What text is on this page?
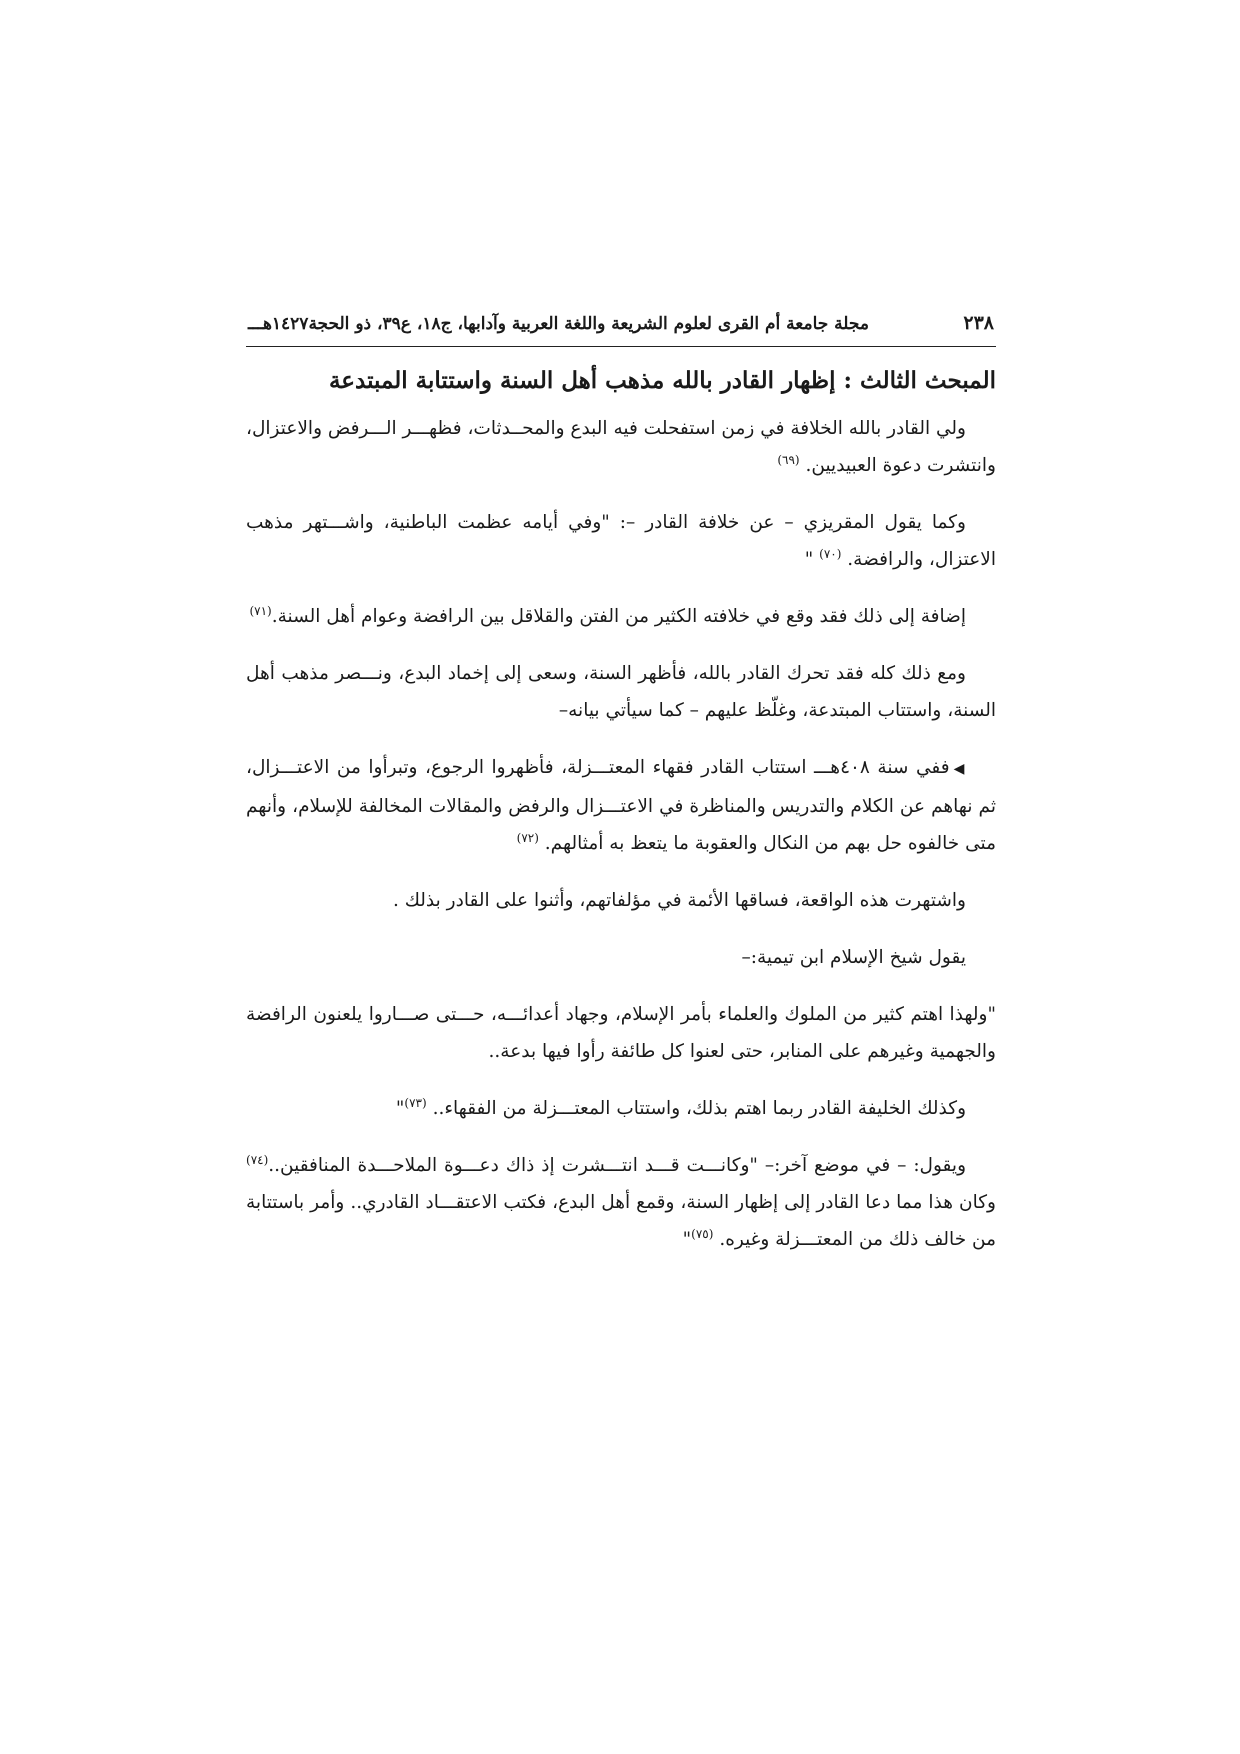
٢٣٨
مجلة جامعة أم القرى لعلوم الشريعة واللغة العربية وآدابها، ج١٨، ع٣٩، ذو الحجة١٤٢٧هـــ
المبحث الثالث : إظهار القادر بالله مذهب أهل السنة واستتابة المبتدعة

ولي القادر بالله الخلافة في زمن استفحلت فيه البدع والمحــدثات، فظهـــر الـــرفض والاعتزال، وانتشرت دعوة العبيديين. $^{(٦٩)}$

وكما يقول المقريزي – عن خلافة القادر –: "وفي أيامه عظمت الباطنية، واشـــتهر مذهب الاعتزال، والرافضة. $^{(٧٠)}$ "

إضافة إلى ذلك فقد وقع في خلافته الكثير من الفتن والقلاقل بين الرافضة وعوام أهل السنة.$^{(٧١)}$

ومع ذلك كله فقد تحرك القادر بالله، فأظهر السنة، وسعى إلى إخماد البدع، ونـــصر مذهب أهل السنة، واستتاب المبتدعة، وغلّظ عليهم – كما سيأتي بيانه–

◀ففي سنة ٤٠٨هـــ استتاب القادر فقهاء المعتـــزلة، فأظهروا الرجوع، وتبرأوا من الاعتـــزال، ثم نهاهم عن الكلام والتدريس والمناظرة في الاعتـــزال والرفض والمقالات المخالفة للإسلام، وأنهم متى خالفوه حل بهم من النكال والعقوبة ما يتعظ به أمثالهم. $^{(٧٢)}$

واشتهرت هذه الواقعة، فساقها الأئمة في مؤلفاتهم، وأثنوا على القادر بذلك .

يقول شيخ الإسلام ابن تيمية:–

"ولهذا اهتم كثير من الملوك والعلماء بأمر الإسلام، وجهاد أعدائـــه، حـــتى صـــاروا يلعنون الرافضة والجهمية وغيرهم على المنابر، حتى لعنوا كل طائفة رأوا فيها بدعة..

وكذلك الخليفة القادر ربما اهتم بذلك، واستتاب المعتـــزلة من الفقهاء.. $^{(٧٣)}$"

ويقول: – في موضع آخر:– "وكانـــت قـــد انتـــشرت إذ ذاك دعـــوة الملاحـــدة المنافقين..$^{(٧٤)}$ وكان هذا مما دعا القادر إلى إظهار السنة، وقمع أهل البدع، فكتب الاعتقـــاد القادري.. وأمر باستتابة من خالف ذلك من المعتـــزلة وغيره. $^{(٧٥)}$"
